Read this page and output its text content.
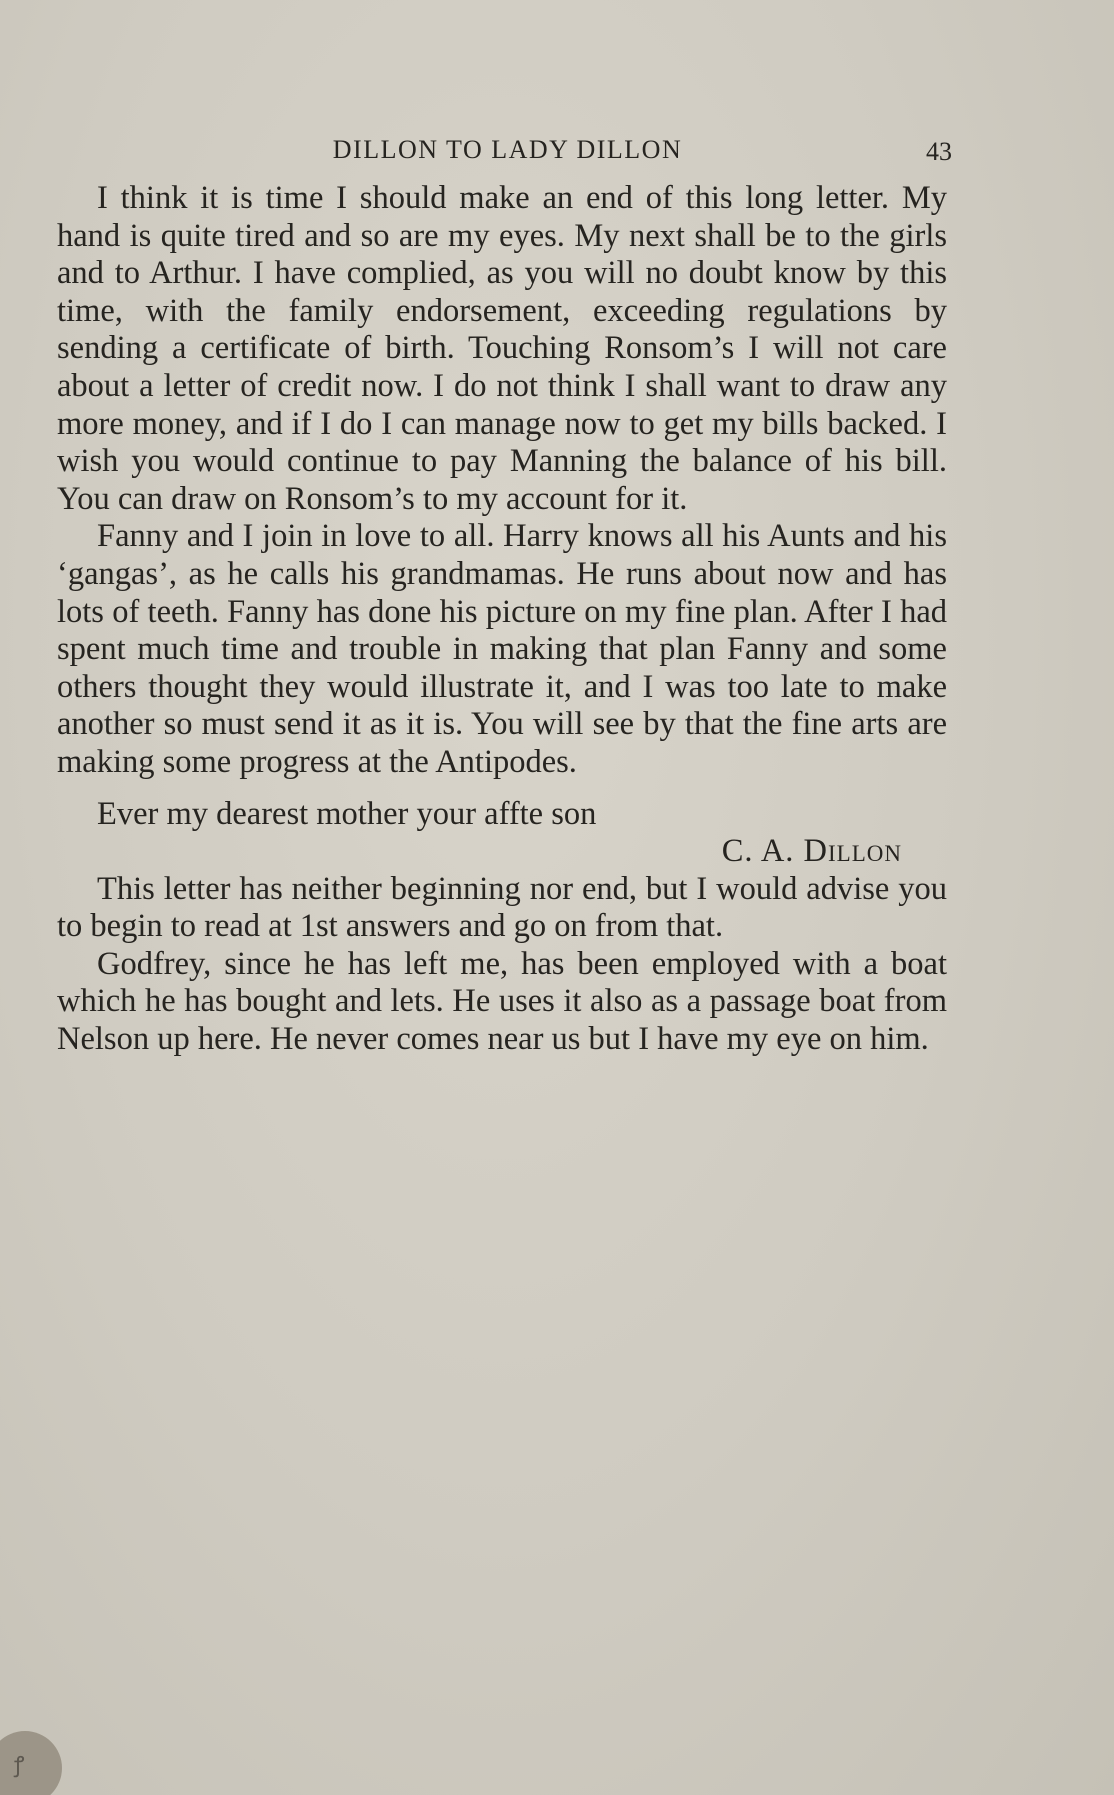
DILLON TO LADY DILLON	43

I think it is time I should make an end of this long letter. My hand is quite tired and so are my eyes. My next shall be to the girls and to Arthur. I have complied, as you will no doubt know by this time, with the family endorsement, exceeding regulations by sending a certificate of birth. Touching Ronsom’s I will not care about a letter of credit now. I do not think I shall want to draw any more money, and if I do I can manage now to get my bills backed. I wish you would continue to pay Manning the balance of his bill. You can draw on Ronsom’s to my account for it.

Fanny and I join in love to all. Harry knows all his Aunts and his ‘gangas’, as he calls his grandmamas. He runs about now and has lots of teeth. Fanny has done his picture on my fine plan. After I had spent much time and trouble in making that plan Fanny and some others thought they would illustrate it, and I was too late to make another so must send it as it is. You will see by that the fine arts are making some progress at the Antipodes.

Ever my dearest mother your affte son

C. A. Dillon

This letter has neither beginning nor end, but I would advise you to begin to read at 1st answers and go on from that.

Godfrey, since he has left me, has been employed with a boat which he has bought and lets. He uses it also as a passage boat from Nelson up here. He never comes near us but I have my eye on him.

ꝭ
